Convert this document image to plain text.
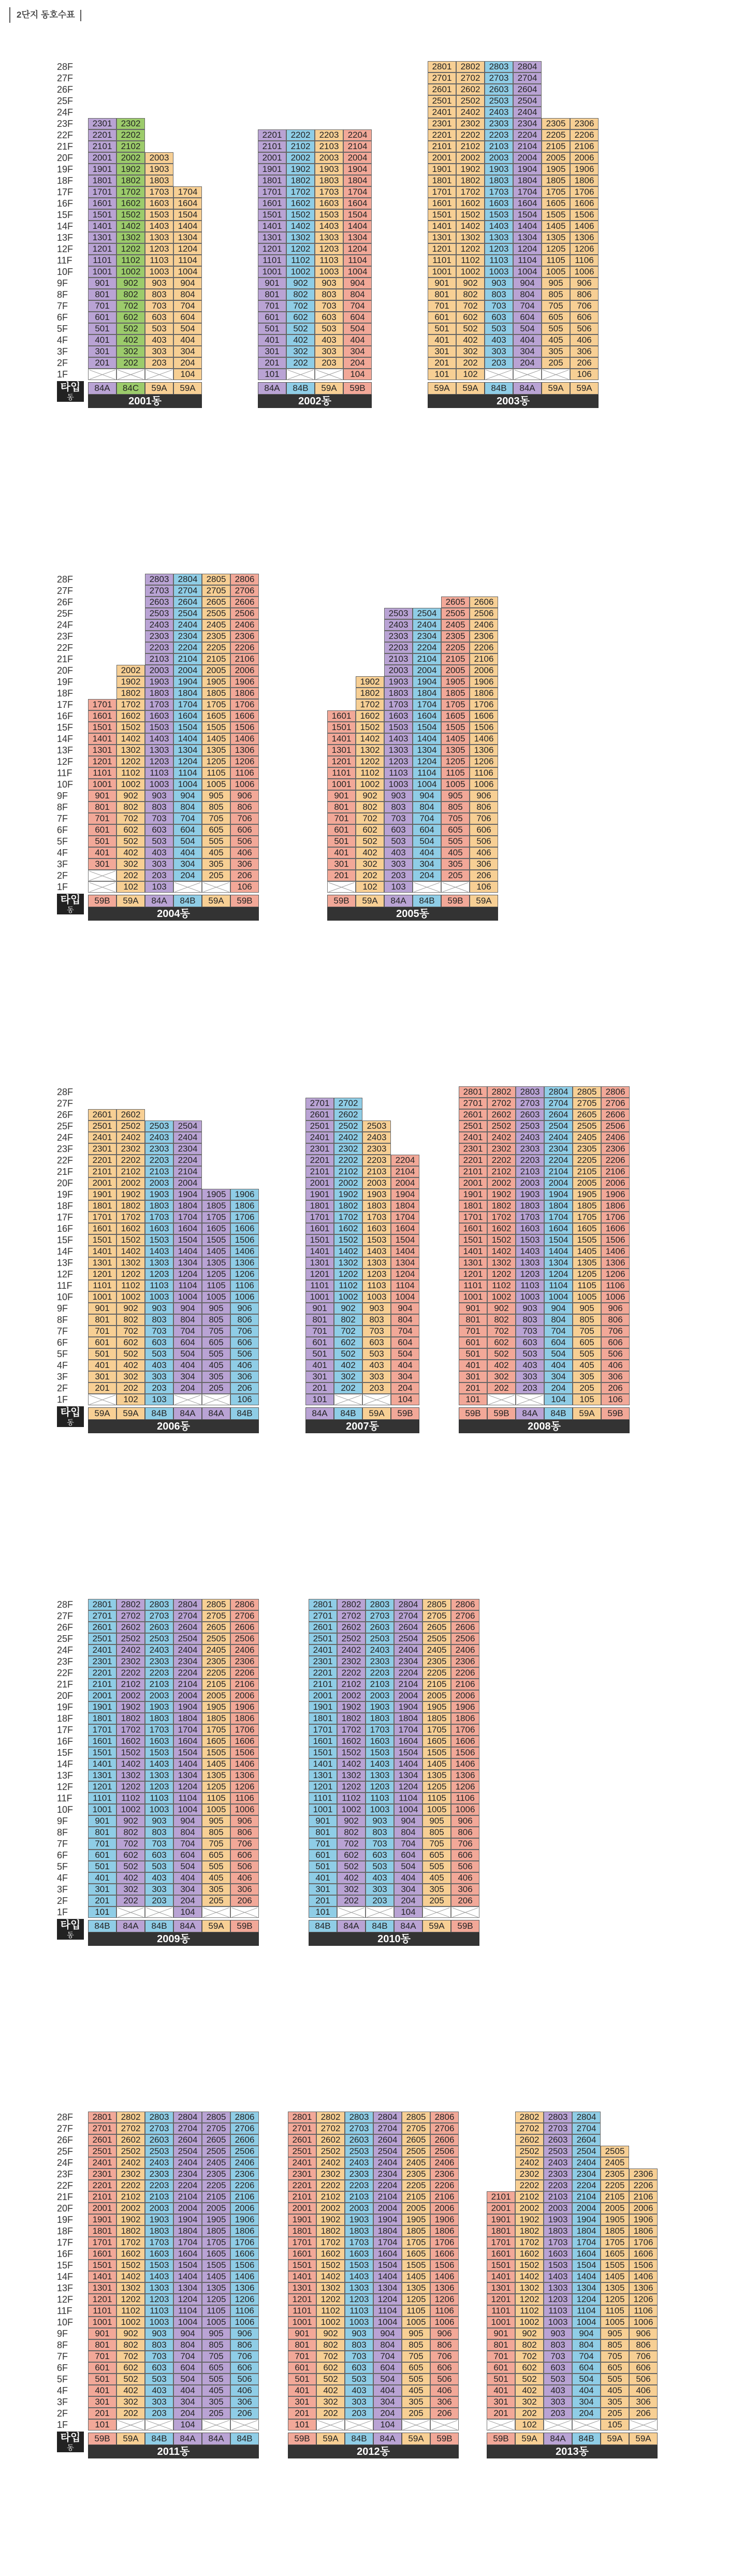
2단지 동호수표
28F
27F
26F
25F
24F
23F
22F
21F
20F
19F
18F
17F
16F
15F
14F
13F
12F
11F
10F
9F
8F
7F
6F
5F
4F
3F
2F
1F
타입
동
201
301
401
501
601
701
801
901
1001
1101
1201
1301
1401
1501
1601
1701
1801
1901
2001
2101
2201
2301
84A
202
302
402
502
602
702
802
902
1002
1102
1202
1302
1402
1502
1602
1702
1802
1902
2002
2102
2202
2302
84C
203
303
403
503
603
703
803
903
1003
1103
1203
1303
1403
1503
1603
1703
1803
1903
2003
59A
104
204
304
404
504
604
704
804
904
1004
1104
1204
1304
1404
1504
1604
1704
59A
2001동
101
201
301
401
501
601
701
801
901
1001
1101
1201
1301
1401
1501
1601
1701
1801
1901
2001
2101
2201
84A
202
302
402
502
602
702
802
902
1002
1102
1202
1302
1402
1502
1602
1702
1802
1902
2002
2102
2202
84B
203
303
403
503
603
703
803
903
1003
1103
1203
1303
1403
1503
1603
1703
1803
1903
2003
2103
2203
59A
104
204
304
404
504
604
704
804
904
1004
1104
1204
1304
1404
1504
1604
1704
1804
1904
2004
2104
2204
59B
2002동
101
201
301
401
501
601
701
801
901
1001
1101
1201
1301
1401
1501
1601
1701
1801
1901
2001
2101
2201
2301
2401
2501
2601
2701
2801
59A
102
202
302
402
502
602
702
802
902
1002
1102
1202
1302
1402
1502
1602
1702
1802
1902
2002
2102
2202
2302
2402
2502
2602
2702
2802
59A
203
303
403
503
603
703
803
903
1003
1103
1203
1303
1403
1503
1603
1703
1803
1903
2003
2103
2203
2303
2403
2503
2603
2703
2803
84B
204
304
404
504
604
704
804
904
1004
1104
1204
1304
1404
1504
1604
1704
1804
1904
2004
2104
2204
2304
2404
2504
2604
2704
2804
84A
205
305
405
505
605
705
805
905
1005
1105
1205
1305
1405
1505
1605
1705
1805
1905
2005
2105
2205
2305
59A
106
206
306
406
506
606
706
806
906
1006
1106
1206
1306
1406
1506
1606
1706
1806
1906
2006
2106
2206
2306
59A
2003동
28F
27F
26F
25F
24F
23F
22F
21F
20F
19F
18F
17F
16F
15F
14F
13F
12F
11F
10F
9F
8F
7F
6F
5F
4F
3F
2F
1F
타입
동
301
401
501
601
701
801
901
1001
1101
1201
1301
1401
1501
1601
1701
59B
102
202
302
402
502
602
702
802
902
1002
1102
1202
1302
1402
1502
1602
1702
1802
1902
2002
59A
103
203
303
403
503
603
703
803
903
1003
1103
1203
1303
1403
1503
1603
1703
1803
1903
2003
2103
2203
2303
2403
2503
2603
2703
2803
84A
204
304
404
504
604
704
804
904
1004
1104
1204
1304
1404
1504
1604
1704
1804
1904
2004
2104
2204
2304
2404
2504
2604
2704
2804
84B
205
305
405
505
605
705
805
905
1005
1105
1205
1305
1405
1505
1605
1705
1805
1905
2005
2105
2205
2305
2405
2505
2605
2705
2805
59A
106
206
306
406
506
606
706
806
906
1006
1106
1206
1306
1406
1506
1606
1706
1806
1906
2006
2106
2206
2306
2406
2506
2606
2706
2806
59B
2004동
201
301
401
501
601
701
801
901
1001
1101
1201
1301
1401
1501
1601
59B
102
202
302
402
502
602
702
802
902
1002
1102
1202
1302
1402
1502
1602
1702
1802
1902
59A
103
203
303
403
503
603
703
803
903
1003
1103
1203
1303
1403
1503
1603
1703
1803
1903
2003
2103
2203
2303
2403
2503
84A
204
304
404
504
604
704
804
904
1004
1104
1204
1304
1404
1504
1604
1704
1804
1904
2004
2104
2204
2304
2404
2504
84B
205
305
405
505
605
705
805
905
1005
1105
1205
1305
1405
1505
1605
1705
1805
1905
2005
2105
2205
2305
2405
2505
2605
59B
106
206
306
406
506
606
706
806
906
1006
1106
1206
1306
1406
1506
1606
1706
1806
1906
2006
2106
2206
2306
2406
2506
2606
59A
2005동
28F
27F
26F
25F
24F
23F
22F
21F
20F
19F
18F
17F
16F
15F
14F
13F
12F
11F
10F
9F
8F
7F
6F
5F
4F
3F
2F
1F
타입
동
201
301
401
501
601
701
801
901
1001
1101
1201
1301
1401
1501
1601
1701
1801
1901
2001
2101
2201
2301
2401
2501
2601
59A
102
202
302
402
502
602
702
802
902
1002
1102
1202
1302
1402
1502
1602
1702
1802
1902
2002
2102
2202
2302
2402
2502
2602
59A
103
203
303
403
503
603
703
803
903
1003
1103
1203
1303
1403
1503
1603
1703
1803
1903
2003
2103
2203
2303
2403
2503
84B
204
304
404
504
604
704
804
904
1004
1104
1204
1304
1404
1504
1604
1704
1804
1904
2004
2104
2204
2304
2404
2504
84A
205
305
405
505
605
705
805
905
1005
1105
1205
1305
1405
1505
1605
1705
1805
1905
84A
106
206
306
406
506
606
706
806
906
1006
1106
1206
1306
1406
1506
1606
1706
1806
1906
84B
2006동
101
201
301
401
501
601
701
801
901
1001
1101
1201
1301
1401
1501
1601
1701
1801
1901
2001
2101
2201
2301
2401
2501
2601
2701
84A
202
302
402
502
602
702
802
902
1002
1102
1202
1302
1402
1502
1602
1702
1802
1902
2002
2102
2202
2302
2402
2502
2602
2702
84B
203
303
403
503
603
703
803
903
1003
1103
1203
1303
1403
1503
1603
1703
1803
1903
2003
2103
2203
2303
2403
2503
59A
104
204
304
404
504
604
704
804
904
1004
1104
1204
1304
1404
1504
1604
1704
1804
1904
2004
2104
2204
59B
2007동
101
201
301
401
501
601
701
801
901
1001
1101
1201
1301
1401
1501
1601
1701
1801
1901
2001
2101
2201
2301
2401
2501
2601
2701
2801
59B
202
302
402
502
602
702
802
902
1002
1102
1202
1302
1402
1502
1602
1702
1802
1902
2002
2102
2202
2302
2402
2502
2602
2702
2802
59B
203
303
403
503
603
703
803
903
1003
1103
1203
1303
1403
1503
1603
1703
1803
1903
2003
2103
2203
2303
2403
2503
2603
2703
2803
84A
104
204
304
404
504
604
704
804
904
1004
1104
1204
1304
1404
1504
1604
1704
1804
1904
2004
2104
2204
2304
2404
2504
2604
2704
2804
84B
105
205
305
405
505
605
705
805
905
1005
1105
1205
1305
1405
1505
1605
1705
1805
1905
2005
2105
2205
2305
2405
2505
2605
2705
2805
59A
106
206
306
406
506
606
706
806
906
1006
1106
1206
1306
1406
1506
1606
1706
1806
1906
2006
2106
2206
2306
2406
2506
2606
2706
2806
59B
2008동
28F
27F
26F
25F
24F
23F
22F
21F
20F
19F
18F
17F
16F
15F
14F
13F
12F
11F
10F
9F
8F
7F
6F
5F
4F
3F
2F
1F
타입
동
101
201
301
401
501
601
701
801
901
1001
1101
1201
1301
1401
1501
1601
1701
1801
1901
2001
2101
2201
2301
2401
2501
2601
2701
2801
84B
202
302
402
502
602
702
802
902
1002
1102
1202
1302
1402
1502
1602
1702
1802
1902
2002
2102
2202
2302
2402
2502
2602
2702
2802
84A
203
303
403
503
603
703
803
903
1003
1103
1203
1303
1403
1503
1603
1703
1803
1903
2003
2103
2203
2303
2403
2503
2603
2703
2803
84B
104
204
304
404
504
604
704
804
904
1004
1104
1204
1304
1404
1504
1604
1704
1804
1904
2004
2104
2204
2304
2404
2504
2604
2704
2804
84A
205
305
405
505
605
705
805
905
1005
1105
1205
1305
1405
1505
1605
1705
1805
1905
2005
2105
2205
2305
2405
2505
2605
2705
2805
59A
206
306
406
506
606
706
806
906
1006
1106
1206
1306
1406
1506
1606
1706
1806
1906
2006
2106
2206
2306
2406
2506
2606
2706
2806
59B
2009동
101
201
301
401
501
601
701
801
901
1001
1101
1201
1301
1401
1501
1601
1701
1801
1901
2001
2101
2201
2301
2401
2501
2601
2701
2801
84B
202
302
402
502
602
702
802
902
1002
1102
1202
1302
1402
1502
1602
1702
1802
1902
2002
2102
2202
2302
2402
2502
2602
2702
2802
84A
203
303
403
503
603
703
803
903
1003
1103
1203
1303
1403
1503
1603
1703
1803
1903
2003
2103
2203
2303
2403
2503
2603
2703
2803
84B
104
204
304
404
504
604
704
804
904
1004
1104
1204
1304
1404
1504
1604
1704
1804
1904
2004
2104
2204
2304
2404
2504
2604
2704
2804
84A
205
305
405
505
605
705
805
905
1005
1105
1205
1305
1405
1505
1605
1705
1805
1905
2005
2105
2205
2305
2405
2505
2605
2705
2805
59A
206
306
406
506
606
706
806
906
1006
1106
1206
1306
1406
1506
1606
1706
1806
1906
2006
2106
2206
2306
2406
2506
2606
2706
2806
59B
2010동
28F
27F
26F
25F
24F
23F
22F
21F
20F
19F
18F
17F
16F
15F
14F
13F
12F
11F
10F
9F
8F
7F
6F
5F
4F
3F
2F
1F
타입
동
101
201
301
401
501
601
701
801
901
1001
1101
1201
1301
1401
1501
1601
1701
1801
1901
2001
2101
2201
2301
2401
2501
2601
2701
2801
59B
202
302
402
502
602
702
802
902
1002
1102
1202
1302
1402
1502
1602
1702
1802
1902
2002
2102
2202
2302
2402
2502
2602
2702
2802
59A
203
303
403
503
603
703
803
903
1003
1103
1203
1303
1403
1503
1603
1703
1803
1903
2003
2103
2203
2303
2403
2503
2603
2703
2803
84B
104
204
304
404
504
604
704
804
904
1004
1104
1204
1304
1404
1504
1604
1704
1804
1904
2004
2104
2204
2304
2404
2504
2604
2704
2804
84A
205
305
405
505
605
705
805
905
1005
1105
1205
1305
1405
1505
1605
1705
1805
1905
2005
2105
2205
2305
2405
2505
2605
2705
2805
84A
206
306
406
506
606
706
806
906
1006
1106
1206
1306
1406
1506
1606
1706
1806
1906
2006
2106
2206
2306
2406
2506
2606
2706
2806
84B
2011동
101
201
301
401
501
601
701
801
901
1001
1101
1201
1301
1401
1501
1601
1701
1801
1901
2001
2101
2201
2301
2401
2501
2601
2701
2801
59B
202
302
402
502
602
702
802
902
1002
1102
1202
1302
1402
1502
1602
1702
1802
1902
2002
2102
2202
2302
2402
2502
2602
2702
2802
59A
203
303
403
503
603
703
803
903
1003
1103
1203
1303
1403
1503
1603
1703
1803
1903
2003
2103
2203
2303
2403
2503
2603
2703
2803
84B
104
204
304
404
504
604
704
804
904
1004
1104
1204
1304
1404
1504
1604
1704
1804
1904
2004
2104
2204
2304
2404
2504
2604
2704
2804
84A
205
305
405
505
605
705
805
905
1005
1105
1205
1305
1405
1505
1605
1705
1805
1905
2005
2105
2205
2305
2405
2505
2605
2705
2805
59A
206
306
406
506
606
706
806
906
1006
1106
1206
1306
1406
1506
1606
1706
1806
1906
2006
2106
2206
2306
2406
2506
2606
2706
2806
59B
2012동
201
301
401
501
601
701
801
901
1001
1101
1201
1301
1401
1501
1601
1701
1801
1901
2001
2101
59B
102
202
302
402
502
602
702
802
902
1002
1102
1202
1302
1402
1502
1602
1702
1802
1902
2002
2102
2202
2302
2402
2502
2602
2702
2802
59A
203
303
403
503
603
703
803
903
1003
1103
1203
1303
1403
1503
1603
1703
1803
1903
2003
2103
2203
2303
2403
2503
2603
2703
2803
84A
204
304
404
504
604
704
804
904
1004
1104
1204
1304
1404
1504
1604
1704
1804
1904
2004
2104
2204
2304
2404
2504
2604
2704
2804
84B
105
205
305
405
505
605
705
805
905
1005
1105
1205
1305
1405
1505
1605
1705
1805
1905
2005
2105
2205
2305
2405
2505
59A
206
306
406
506
606
706
806
906
1006
1106
1206
1306
1406
1506
1606
1706
1806
1906
2006
2106
2206
2306
59A
2013동
